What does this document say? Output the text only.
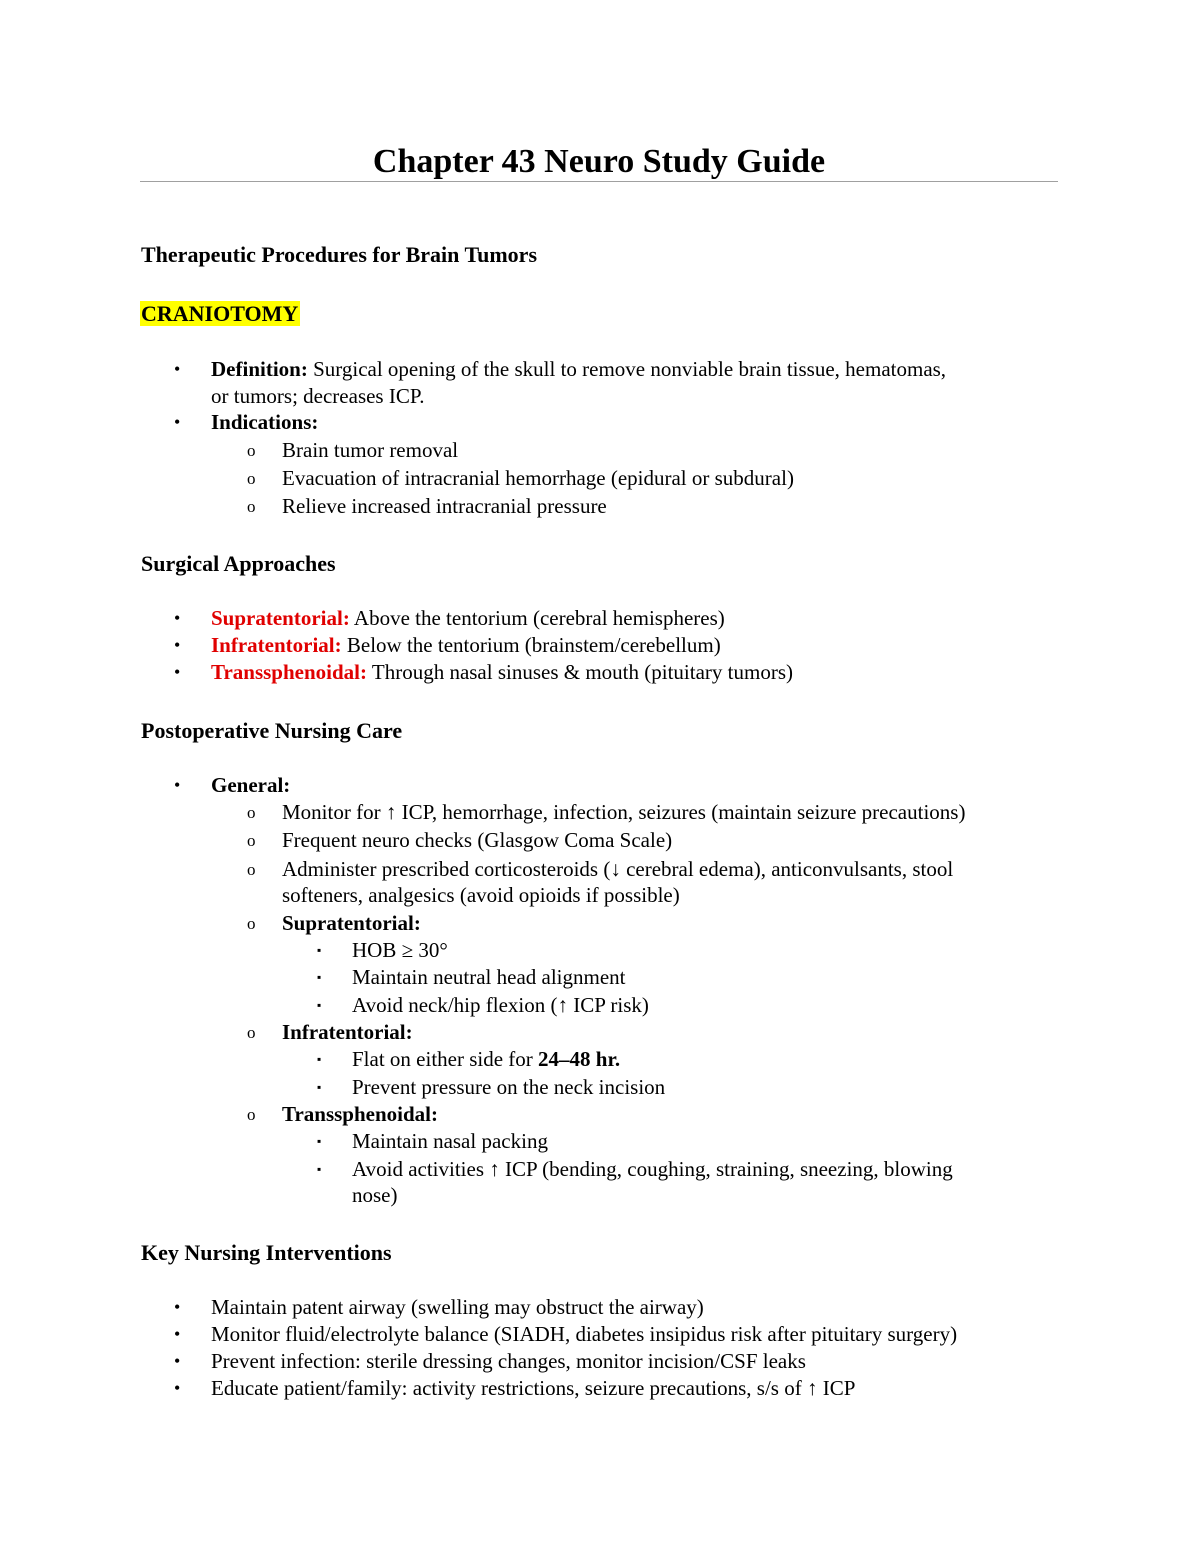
Chapter 43 Neuro Study Guide
Therapeutic Procedures for Brain Tumors
CRANIOTOMY
• Definition: Surgical opening of the skull to remove nonviable brain tissue, hematomas,
or tumors; decreases ICP.
• Indications:
o Brain tumor removal
o Evacuation of intracranial hemorrhage (epidural or subdural)
o Relieve increased intracranial pressure
Surgical Approaches
• Supratentorial: Above the tentorium (cerebral hemispheres)
• Infratentorial: Below the tentorium (brainstem/cerebellum)
• Transsphenoidal: Through nasal sinuses & mouth (pituitary tumors)
Postoperative Nursing Care
• General:
o Monitor for ↑ ICP, hemorrhage, infection, seizures (maintain seizure precautions)
o Frequent neuro checks (Glasgow Coma Scale)
o Administer prescribed corticosteroids (↓ cerebral edema), anticonvulsants, stool
softeners, analgesics (avoid opioids if possible)
o Supratentorial:
▪ HOB ≥ 30°
▪ Maintain neutral head alignment
▪ Avoid neck/hip flexion (↑ ICP risk)
o Infratentorial:
▪ Flat on either side for 24–48 hr.
▪ Prevent pressure on the neck incision
o Transsphenoidal:
▪ Maintain nasal packing
▪ Avoid activities ↑ ICP (bending, coughing, straining, sneezing, blowing
nose)
Key Nursing Interventions
• Maintain patent airway (swelling may obstruct the airway)
• Monitor fluid/electrolyte balance (SIADH, diabetes insipidus risk after pituitary surgery)
• Prevent infection: sterile dressing changes, monitor incision/CSF leaks
• Educate patient/family: activity restrictions, seizure precautions, s/s of ↑ ICP
